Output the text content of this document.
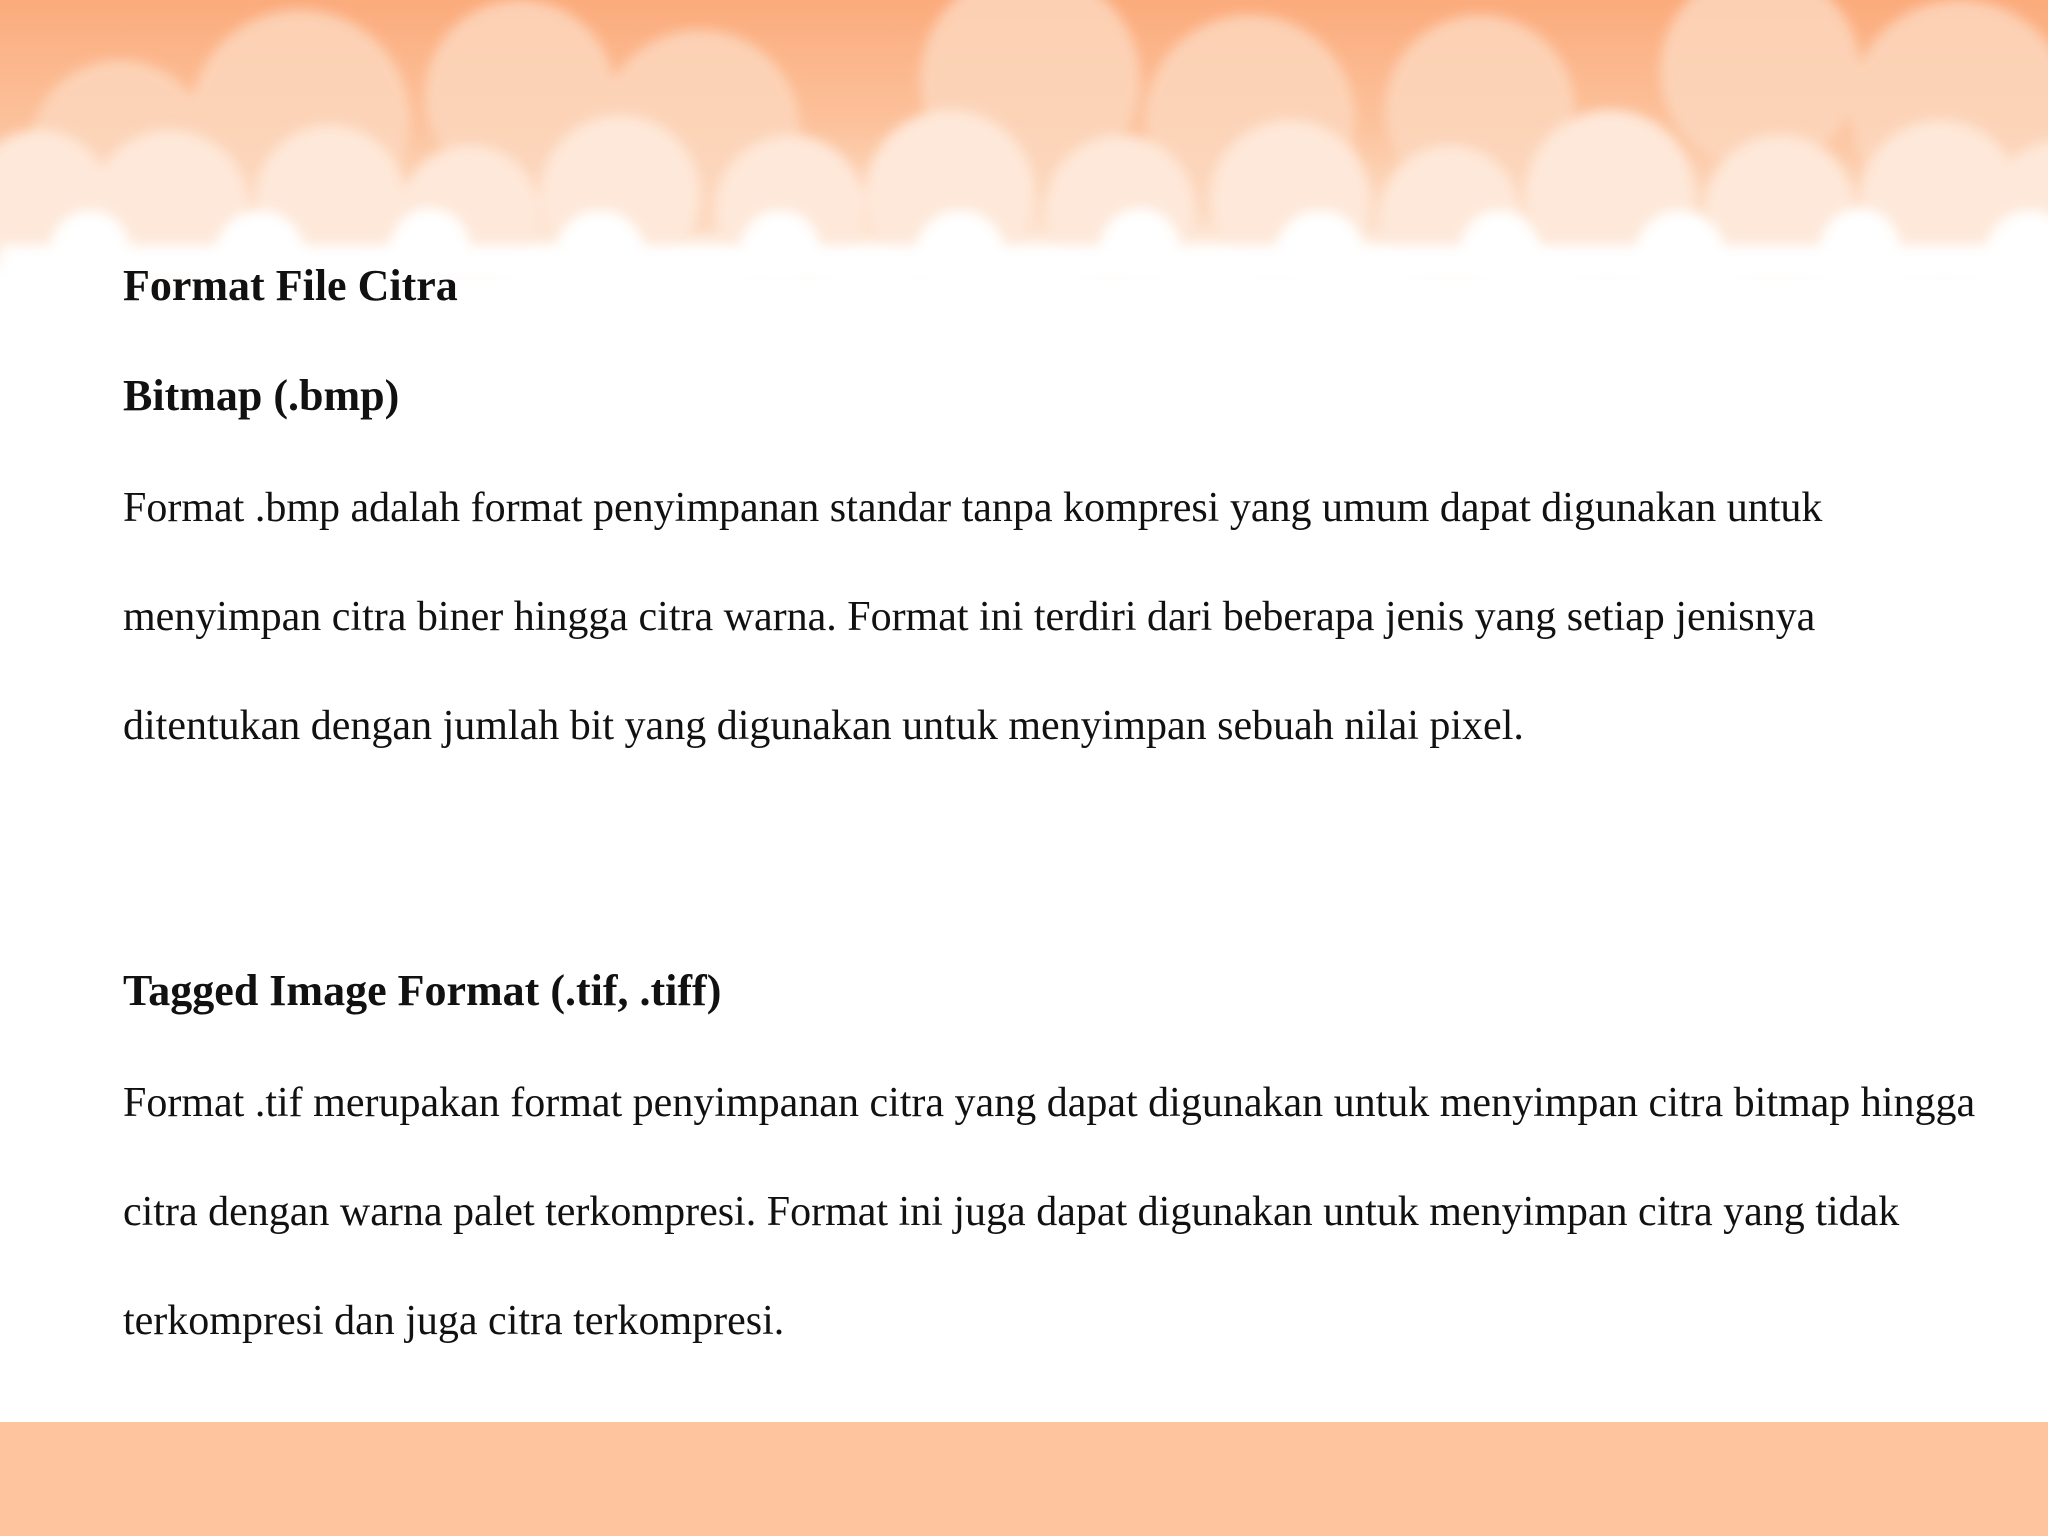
Format File Citra
Bitmap (.bmp)

Format .bmp adalah format penyimpanan standar tanpa kompresi yang umum dapat digunakan untuk menyimpan citra biner hingga citra warna. Format ini terdiri dari beberapa jenis yang setiap jenisnya ditentukan dengan jumlah bit yang digunakan untuk menyimpan sebuah nilai pixel.

Tagged Image Format (.tif, .tiff)

Format .tif merupakan format penyimpanan citra yang dapat digunakan untuk menyimpan citra bitmap hingga citra dengan warna palet terkompresi. Format ini juga dapat digunakan untuk menyimpan citra yang tidak terkompresi dan juga citra terkompresi.
